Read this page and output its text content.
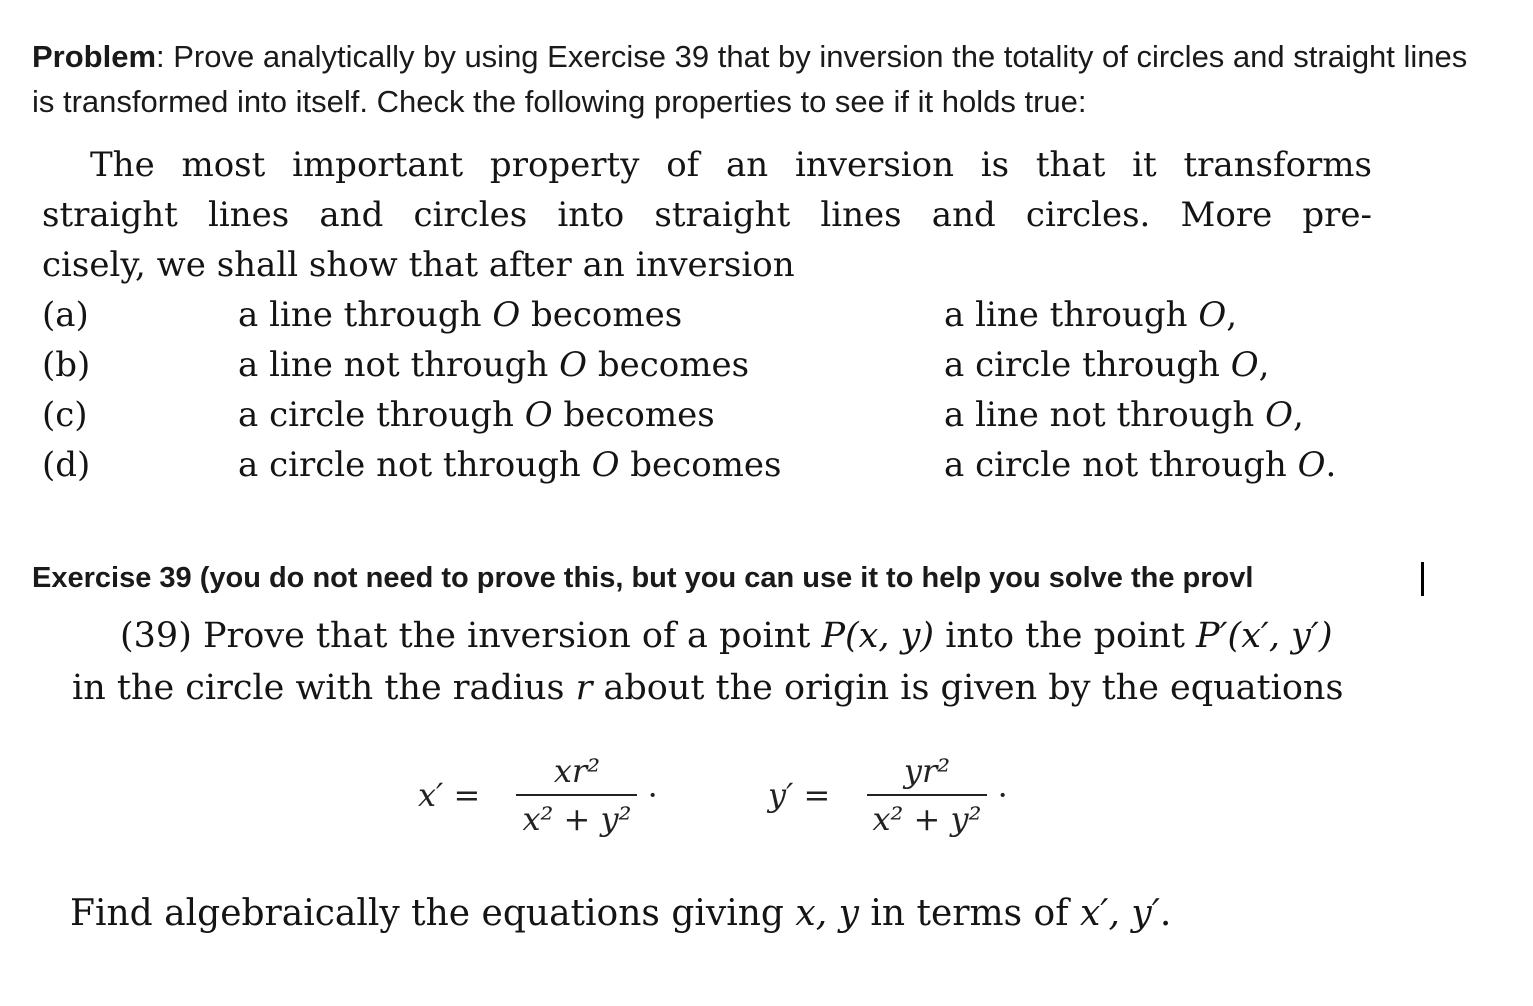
Problem: Prove analytically by using Exercise 39 that by inversion the totality of circles and straight lines is transformed into itself. Check the following properties to see if it holds true:

The most important property of an inversion is that it transforms

straight lines and circles into straight lines and circles. More pre-

cisely, we shall show that after an inversion

(a)	a line through O becomes	a line through O,
(b)	a line not through O becomes	a circle through O,
(c)	a circle through O becomes	a line not through O,
(d)	a circle not through O becomes	a circle not through O.
Exercise 39 (you do not need to prove this, but you can use it to help you solve the provl

(39) Prove that the inversion of a point P(x, y) into the point P′(x′, y′)

in the circle with the radius r about the origin is given by the equations

$x' = \frac{\text{xr²}}{\text{x² + y²}}$ ·	$y' = \frac{\text{yr²}}{\text{x² + y²}}$ ·
Find algebraically the equations giving x, y in terms of x′, y′.
